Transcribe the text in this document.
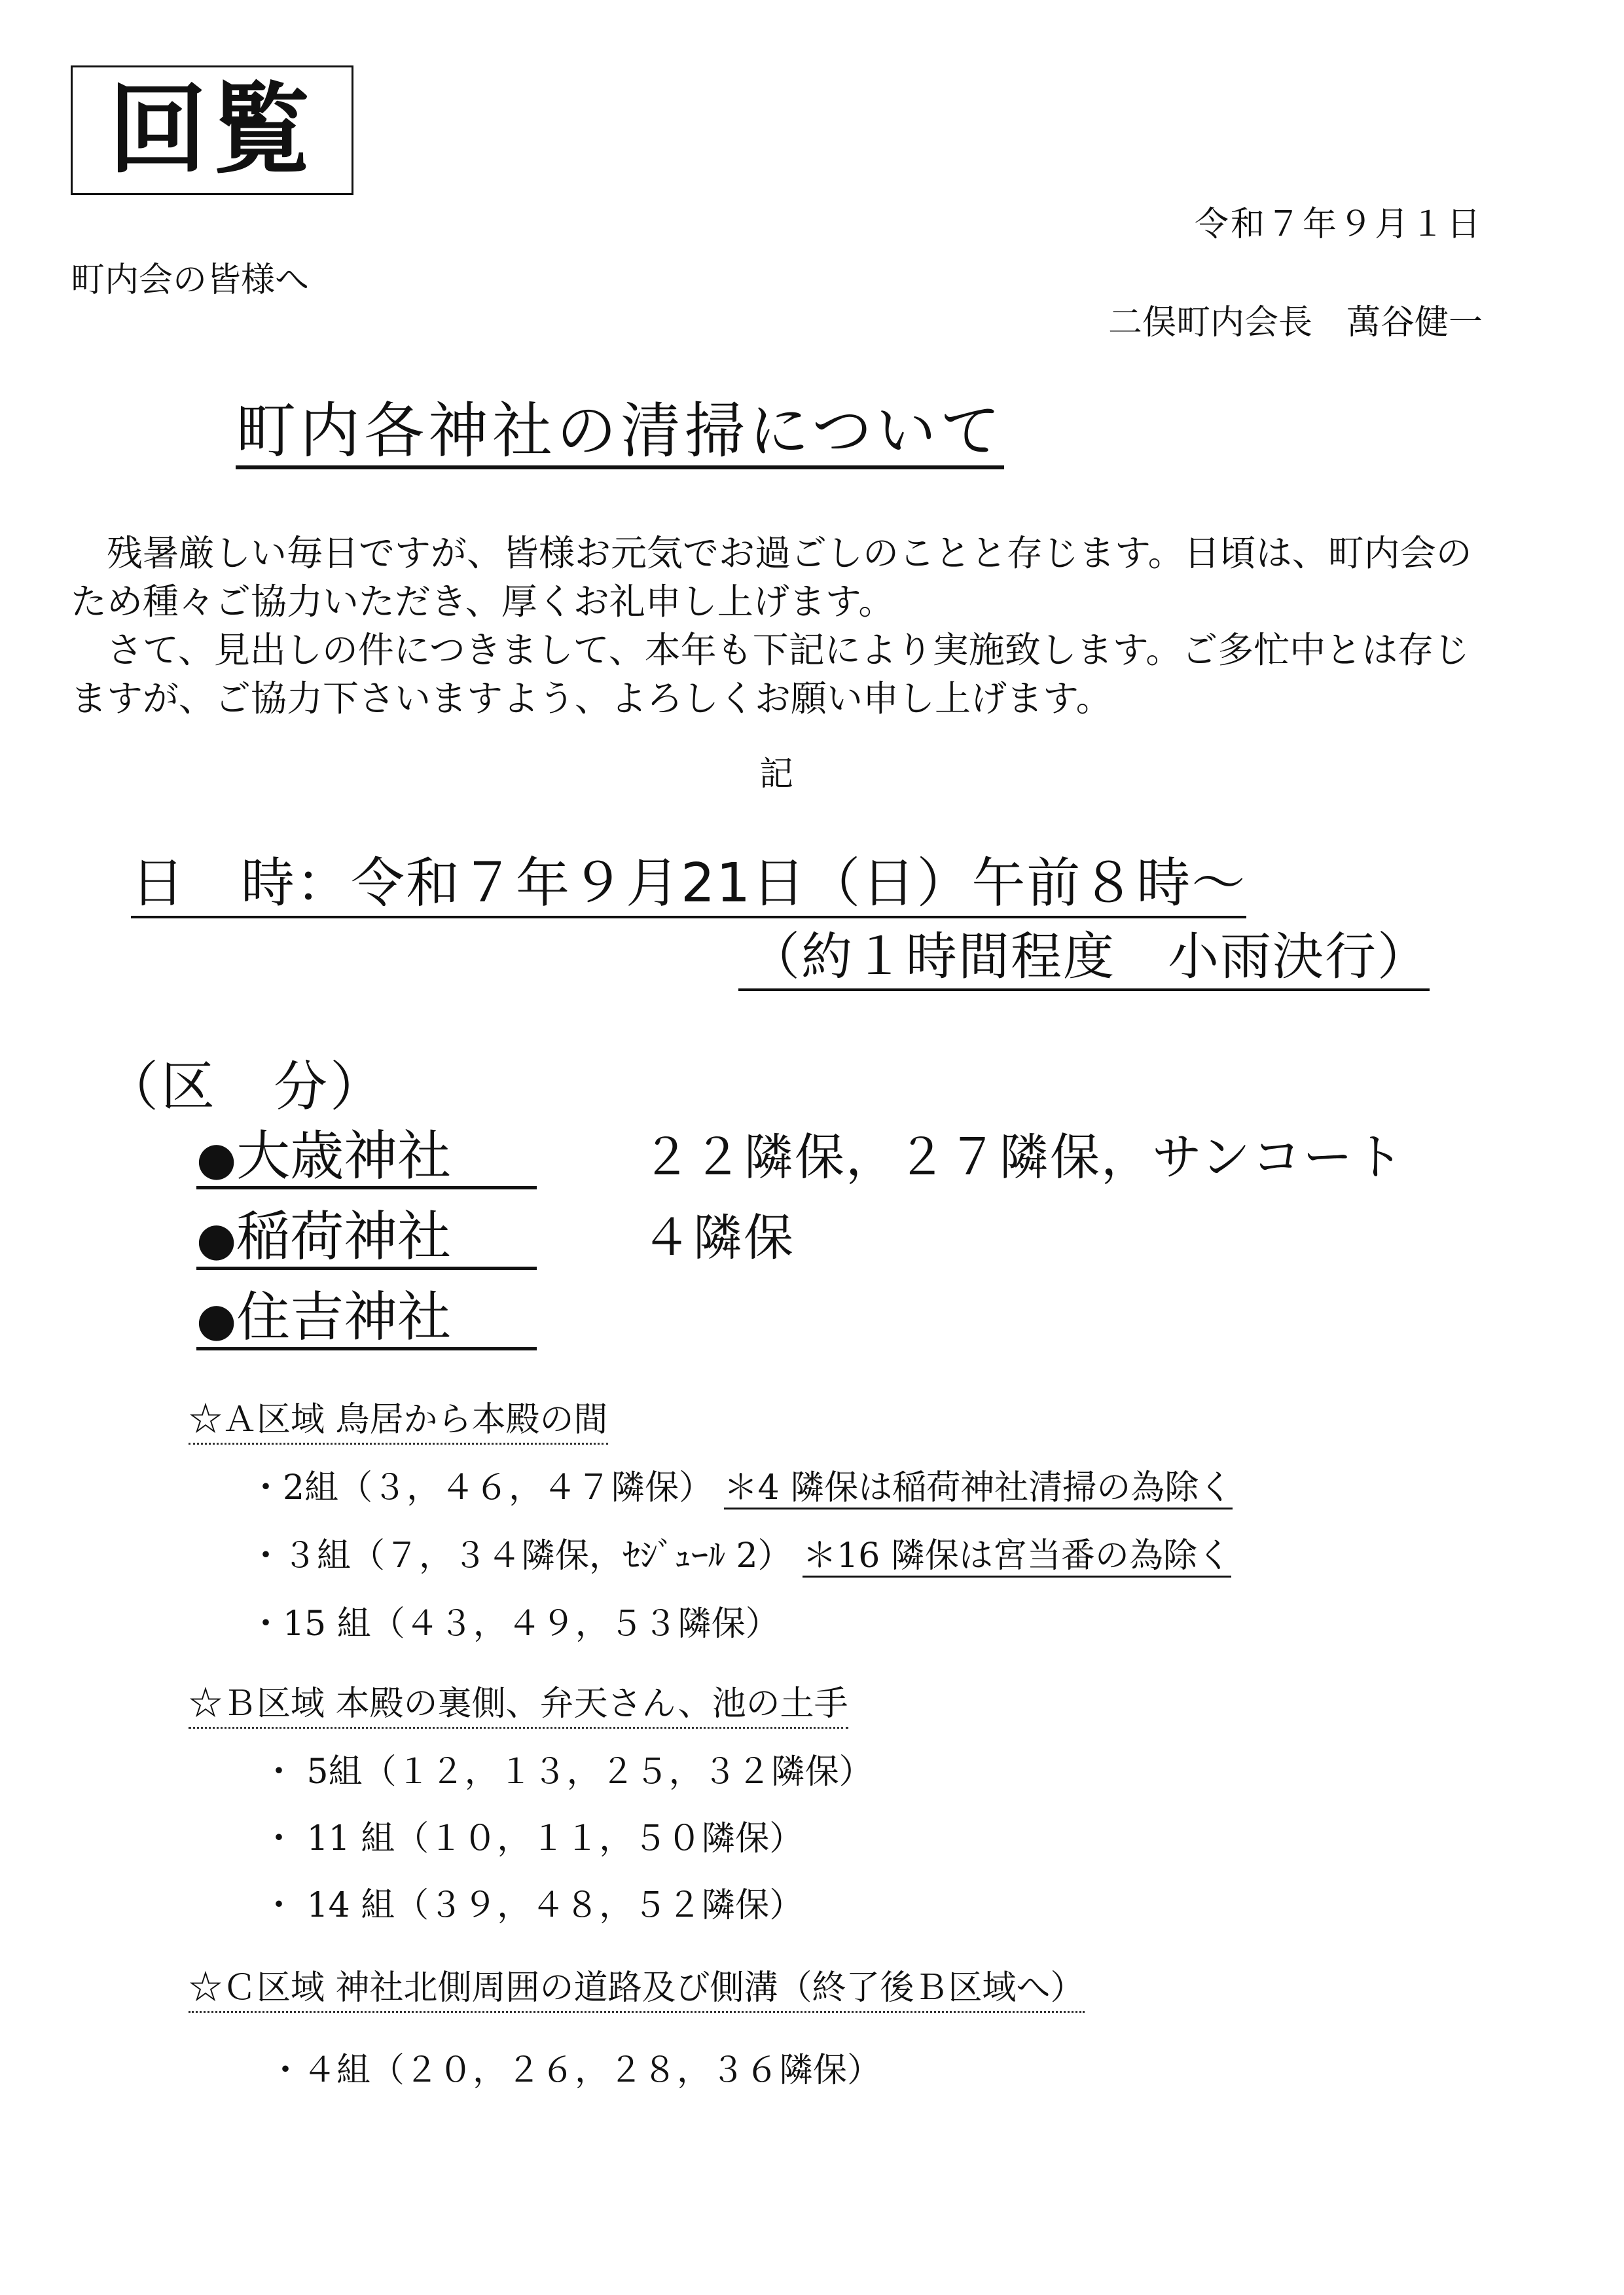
回覧
令和７年９月１日
町内会の皆様へ
二俣町内会長　萬谷健一
町内各神社の清掃について

残暑厳しい毎日ですが、皆様お元気でお過ごしのことと存じます。日頃は、町内会のため種々ご協力いただき、厚くお礼申し上げます。

さて、見出しの件につきまして、本年も下記により実施致します。ご多忙中とは存じますが、ご協力下さいますよう、よろしくお願い申し上げます。

記
日　時：令和７年９月21日（日）午前８時～
（約１時間程度　小雨決行）
（区　分）
●大歳神社	２２隣保，２７隣保，サンコート
●稲荷神社	４隣保
●住吉神社
☆Ａ区域 鳥居から本殿の間
・2組（３，４６，４７隣保） ＊4 隣保は稲荷神社清掃の為除く
・３組（７，３４隣保，ｾｼﾞｭｰﾙ 2） ＊16 隣保は宮当番の為除く
・15 組（４３，４９，５３隣保）
☆Ｂ区域 本殿の裏側、弁天さん、池の土手
・ 5組（１２，１３，２５，３２隣保）
・ 11 組（１０，１１，５０隣保）
・ 14 組（３９，４８，５２隣保）
☆Ｃ区域 神社北側周囲の道路及び側溝（終了後Ｂ区域へ）
・４組（２０，２６，２８，３６隣保）
